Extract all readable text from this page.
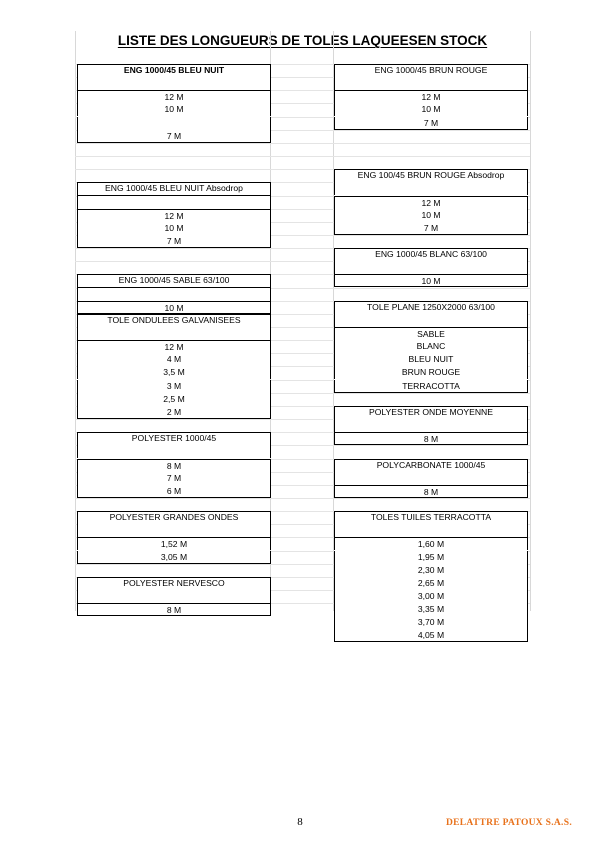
LISTE DES LONGUEURS DE TOLES LAQUEESEN STOCK
ENG 1000/45 BLEU NUIT
12 M
10 M
7 M
ENG 1000/45 BLEU NUIT Absodrop
12 M
10 M
7 M
ENG 1000/45 SABLE 63/100
10 M
TOLE ONDULEES GALVANISEES
12 M
4 M
3,5 M
3 M
2,5 M
2 M
POLYESTER 1000/45
8 M
7 M
6 M
POLYESTER GRANDES ONDES
1,52 M
3,05 M
POLYESTER NERVESCO
8 M
ENG 1000/45 BRUN ROUGE
12 M
10 M
7 M
ENG 100/45 BRUN ROUGE Absodrop
12 M
10 M
7 M
ENG 1000/45 BLANC 63/100
10 M
TOLE PLANE 1250X2000 63/100
SABLE
BLANC
BLEU NUIT
BRUN ROUGE
TERRACOTTA
POLYESTER ONDE MOYENNE
8 M
POLYCARBONATE 1000/45
8 M
TOLES TUILES TERRACOTTA
1,60 M
1,95 M
2,30 M
2,65 M
3,00 M
3,35 M
3,70 M
4,05 M
8	DELATTRE PATOUX S.A.S.
